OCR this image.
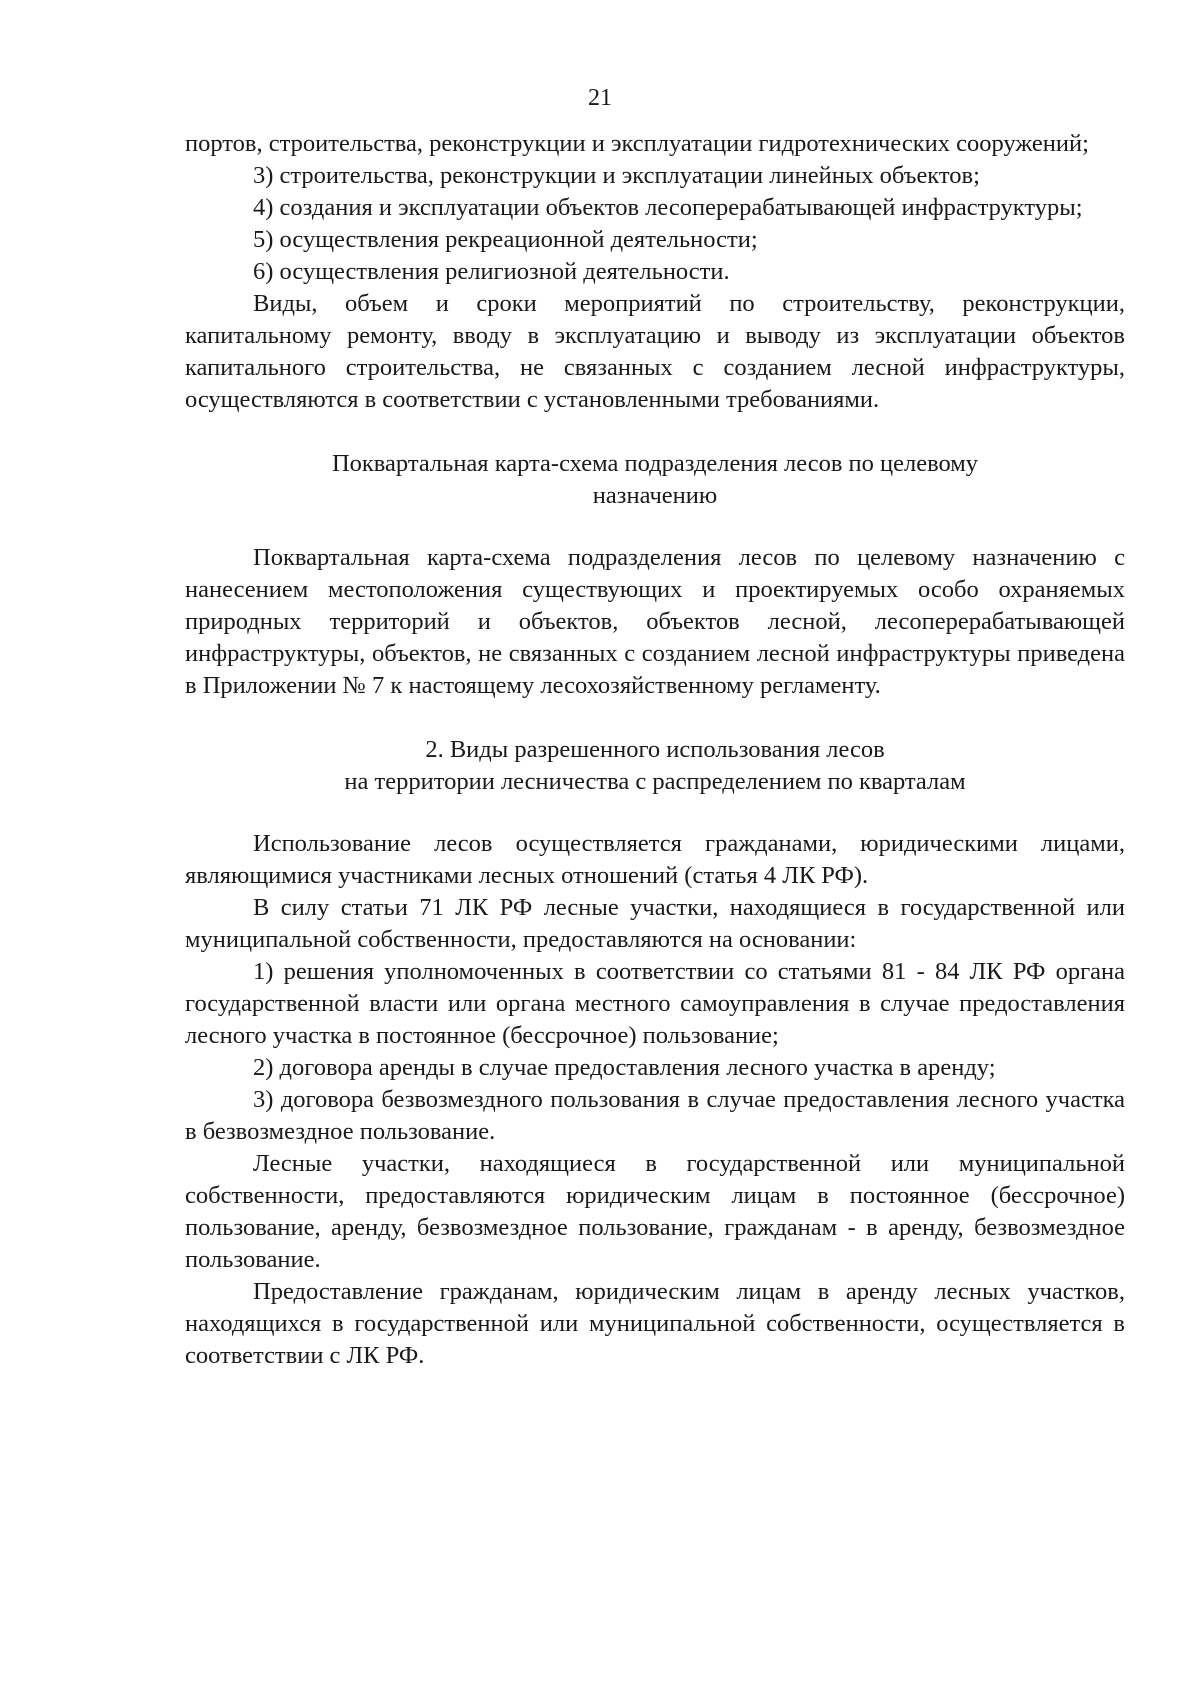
21

портов, строительства, реконструкции и эксплуатации гидротехнических сооружений;

3) строительства, реконструкции и эксплуатации линейных объектов;

4) создания и эксплуатации объектов лесоперерабатывающей инфраструктуры;

5) осуществления рекреационной деятельности;

6) осуществления религиозной деятельности.

Виды, объем и сроки мероприятий по строительству, реконструкции, капитальному ремонту, вводу в эксплуатацию и выводу из эксплуатации объектов капитального строительства, не связанных с созданием лесной инфраструктуры, осуществляются в соответствии с установленными требованиями.

Поквартальная карта-схема подразделения лесов по целевому
назначению

Поквартальная карта-схема подразделения лесов по целевому назначению с нанесением местоположения существующих и проектируемых особо охраняемых природных территорий и объектов, объектов лесной, лесоперерабатывающей инфраструктуры, объектов, не связанных с созданием лесной инфраструктуры приведена в Приложении № 7 к настоящему лесохозяйственному регламенту.

2. Виды разрешенного использования лесов
на территории лесничества с распределением по кварталам

Использование лесов осуществляется гражданами, юридическими лицами, являющимися участниками лесных отношений (статья 4 ЛК РФ).

В силу статьи 71 ЛК РФ лесные участки, находящиеся в государственной или муниципальной собственности, предоставляются на основании:

1) решения уполномоченных в соответствии со статьями 81 - 84 ЛК РФ органа государственной власти или органа местного самоуправления в случае предоставления лесного участка в постоянное (бессрочное) пользование;

2) договора аренды в случае предоставления лесного участка в аренду;

3) договора безвозмездного пользования в случае предоставления лесного участка в безвозмездное пользование.

Лесные участки, находящиеся в государственной или муниципальной собственности, предоставляются юридическим лицам в постоянное (бессрочное) пользование, аренду, безвозмездное пользование, гражданам - в аренду, безвозмездное пользование.

Предоставление гражданам, юридическим лицам в аренду лесных участков, находящихся в государственной или муниципальной собственности, осуществляется в соответствии с ЛК РФ.
